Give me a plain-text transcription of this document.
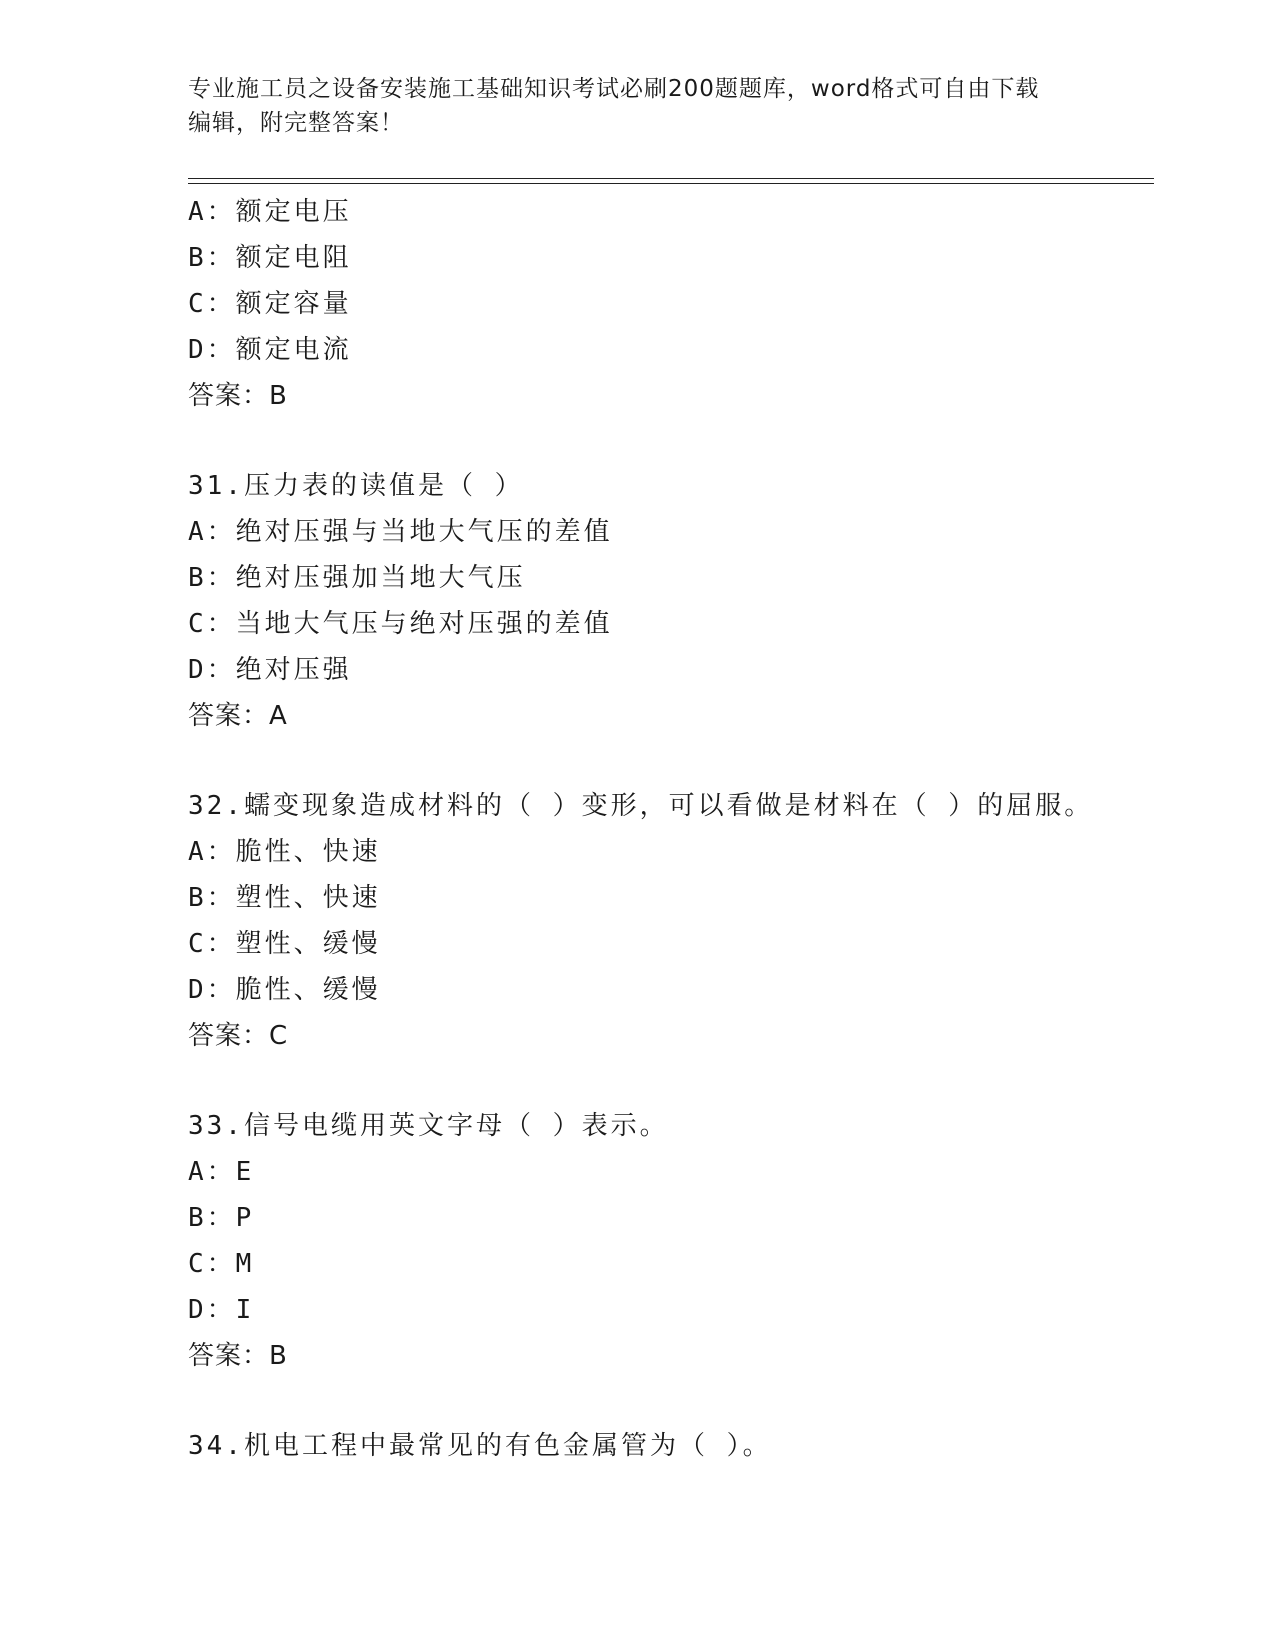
专业施工员之设备安装施工基础知识考试必刷200题题库，word格式可自由下载
编辑，附完整答案！
A：额定电压
B：额定电阻
C：额定容量
D：额定电流
答案：B
31.压力表的读值是（ ）
A：绝对压强与当地大气压的差值
B：绝对压强加当地大气压
C：当地大气压与绝对压强的差值
D：绝对压强
答案：A
32.蠕变现象造成材料的（ ）变形，可以看做是材料在（ ）的屈服。
A：脆性、快速
B：塑性、快速
C：塑性、缓慢
D：脆性、缓慢
答案：C
33.信号电缆用英文字母（ ）表示。
A：E
B：P
C：M
D：I
答案：B
34.机电工程中最常见的有色金属管为（ ）。
